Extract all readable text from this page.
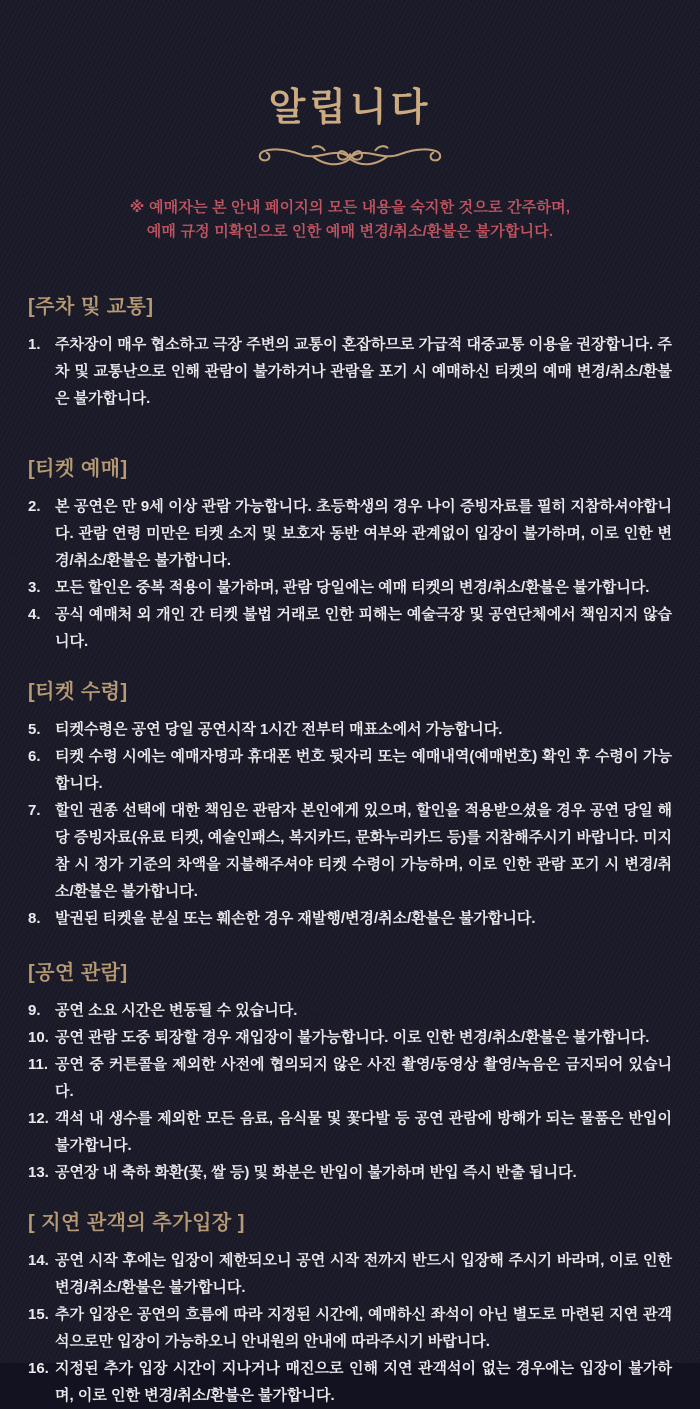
알립니다
※ 예매자는 본 안내 페이지의 모든 내용을 숙지한 것으로 간주하며,
예매 규정 미확인으로 인한 예매 변경/취소/환불은 불가합니다.
[주차 및 교통]
1. 주차장이 매우 협소하고 극장 주변의 교통이 혼잡하므로 가급적 대중교통 이용을 권장합니다. 주차 및 교통난으로 인해 관람이 불가하거나 관람을 포기 시 예매하신 티켓의 예매 변경/취소/환불은 불가합니다.
[티켓 예매]
2. 본 공연은 만 9세 이상 관람 가능합니다. 초등학생의 경우 나이 증빙자료를 필히 지참하셔야합니다. 관람 연령 미만은 티켓 소지 및 보호자 동반 여부와 관계없이 입장이 불가하며, 이로 인한 변경/취소/환불은 불가합니다.
3. 모든 할인은 중복 적용이 불가하며, 관람 당일에는 예매 티켓의 변경/취소/환불은 불가합니다.
4. 공식 예매처 외 개인 간 티켓 불법 거래로 인한 피해는 예술극장 및 공연단체에서 책임지지 않습니다.
[티켓 수령]
5. 티켓수령은 공연 당일 공연시작 1시간 전부터 매표소에서 가능합니다.
6. 티켓 수령 시에는 예매자명과 휴대폰 번호 뒷자리 또는 예매내역(예매번호) 확인 후 수령이 가능합니다.
7. 할인 권종 선택에 대한 책임은 관람자 본인에게 있으며, 할인을 적용받으셨을 경우 공연 당일 해당 증빙자료(유료 티켓, 예술인패스, 복지카드, 문화누리카드 등)를 지참해주시기 바랍니다. 미지참 시 정가 기준의 차액을 지불해주셔야 티켓 수령이 가능하며, 이로 인한 관람 포기 시 변경/취소/환불은 불가합니다.
8. 발권된 티켓을 분실 또는 훼손한 경우 재발행/변경/취소/환불은 불가합니다.
[공연 관람]
9. 공연 소요 시간은 변동될 수 있습니다.
10. 공연 관람 도중 퇴장할 경우 재입장이 불가능합니다. 이로 인한 변경/취소/환불은 불가합니다.
11. 공연 중 커튼콜을 제외한 사전에 협의되지 않은 사진 촬영/동영상 촬영/녹음은 금지되어 있습니다.
12. 객석 내 생수를 제외한 모든 음료, 음식물 및 꽃다발 등 공연 관람에 방해가 되는 물품은 반입이 불가합니다.
13. 공연장 내 축하 화환(꽃, 쌀 등) 및 화분은 반입이 불가하며 반입 즉시 반출 됩니다.
[ 지연 관객의 추가입장 ]
14. 공연 시작 후에는 입장이 제한되오니 공연 시작 전까지 반드시 입장해 주시기 바라며, 이로 인한 변경/취소/환불은 불가합니다.
15. 추가 입장은 공연의 흐름에 따라 지정된 시간에, 예매하신 좌석이 아닌 별도로 마련된 지연 관객석으로만 입장이 가능하오니 안내원의 안내에 따라주시기 바랍니다.
16. 지정된 추가 입장 시간이 지나거나 매진으로 인해 지연 관객석이 없는 경우에는 입장이 불가하며, 이로 인한 변경/취소/환불은 불가합니다.
